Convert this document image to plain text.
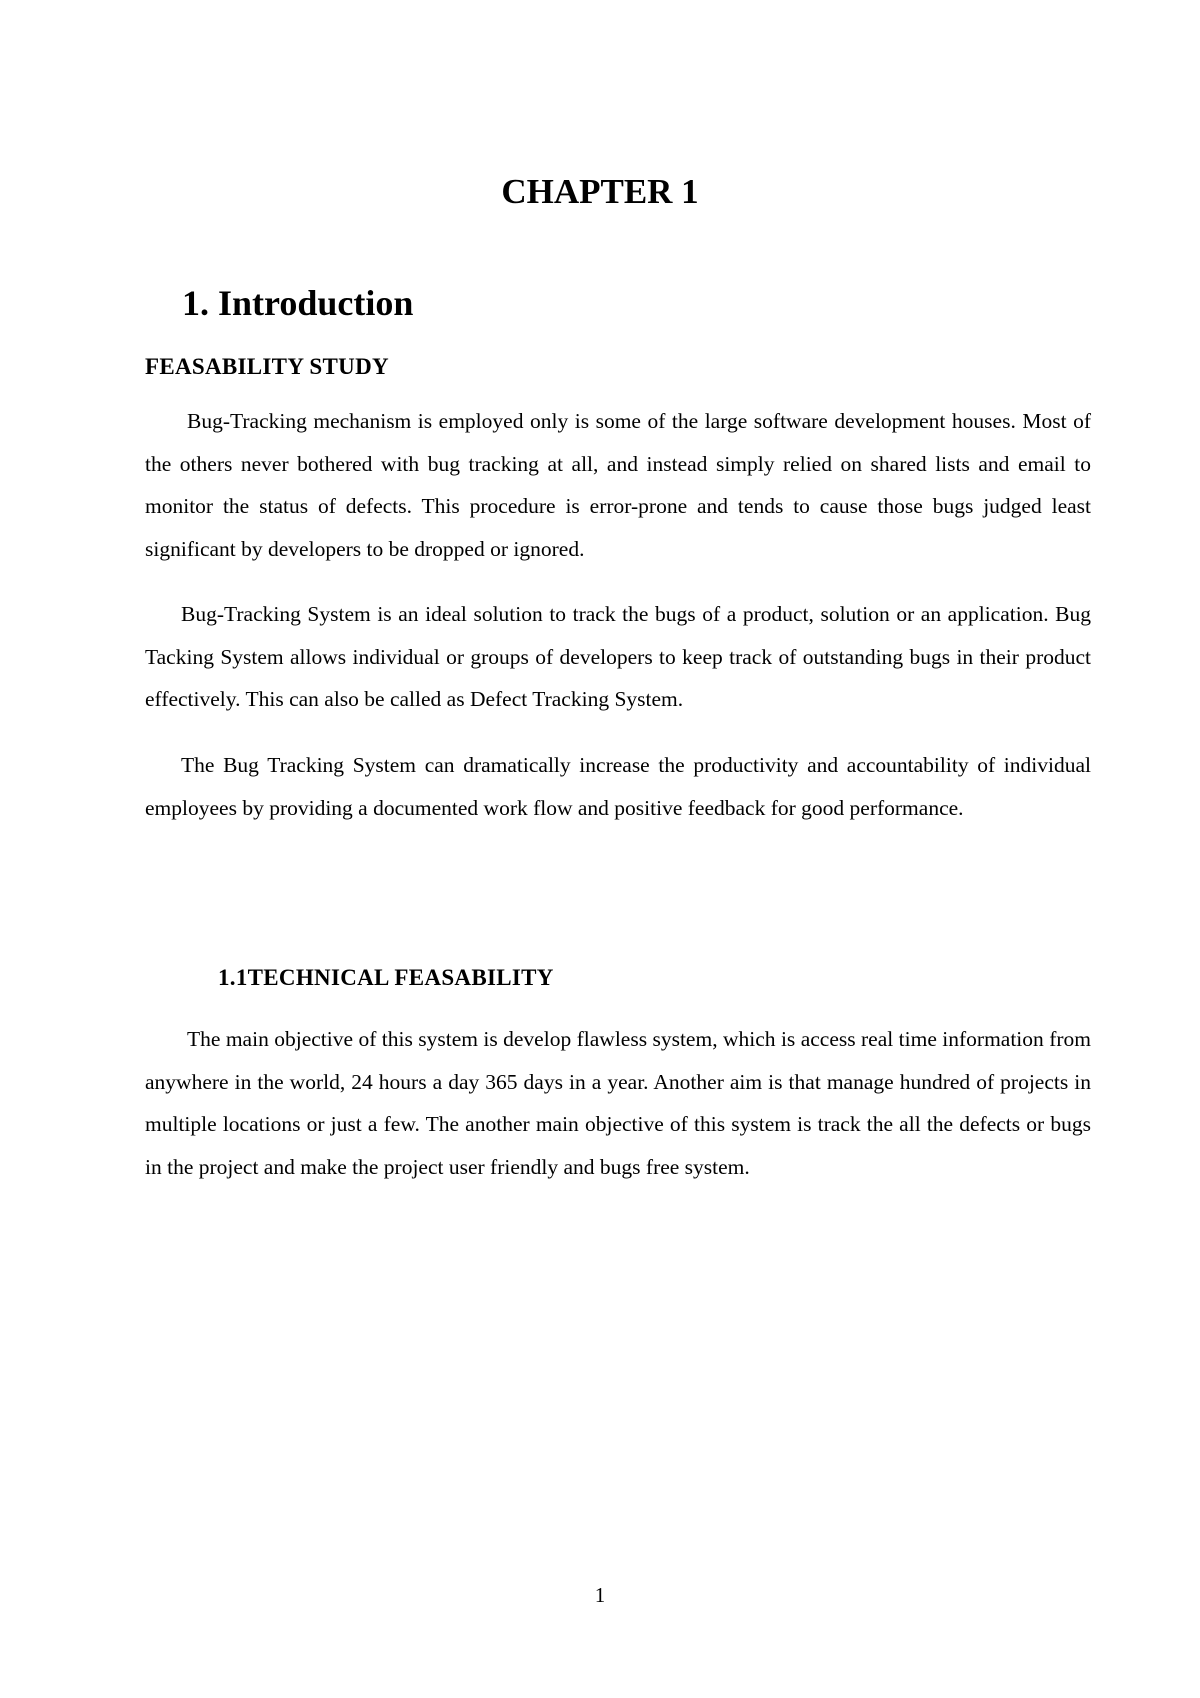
CHAPTER 1
1. Introduction
FEASABILITY STUDY

Bug-Tracking mechanism is employed only is some of the large software development houses. Most of the others never bothered with bug tracking at all, and instead simply relied on shared lists and email to monitor the status of defects. This procedure is error-prone and tends to cause those bugs judged least significant by developers to be dropped or ignored.

Bug-Tracking System is an ideal solution to track the bugs of a product, solution or an application. Bug Tacking System allows individual or groups of developers to keep track of outstanding bugs in their product effectively. This can also be called as Defect Tracking System.

The Bug Tracking System can dramatically increase the productivity and accountability of individual employees by providing a documented work flow and positive feedback for good performance.

1.1TECHNICAL FEASABILITY

The main objective of this system is develop flawless system, which is access real time information from anywhere in the world, 24 hours a day 365 days in a year. Another aim is that manage hundred of projects in multiple locations or just a few. The another main objective of this system is track the all the defects or bugs in the project and make the project user friendly and bugs free system.

1
